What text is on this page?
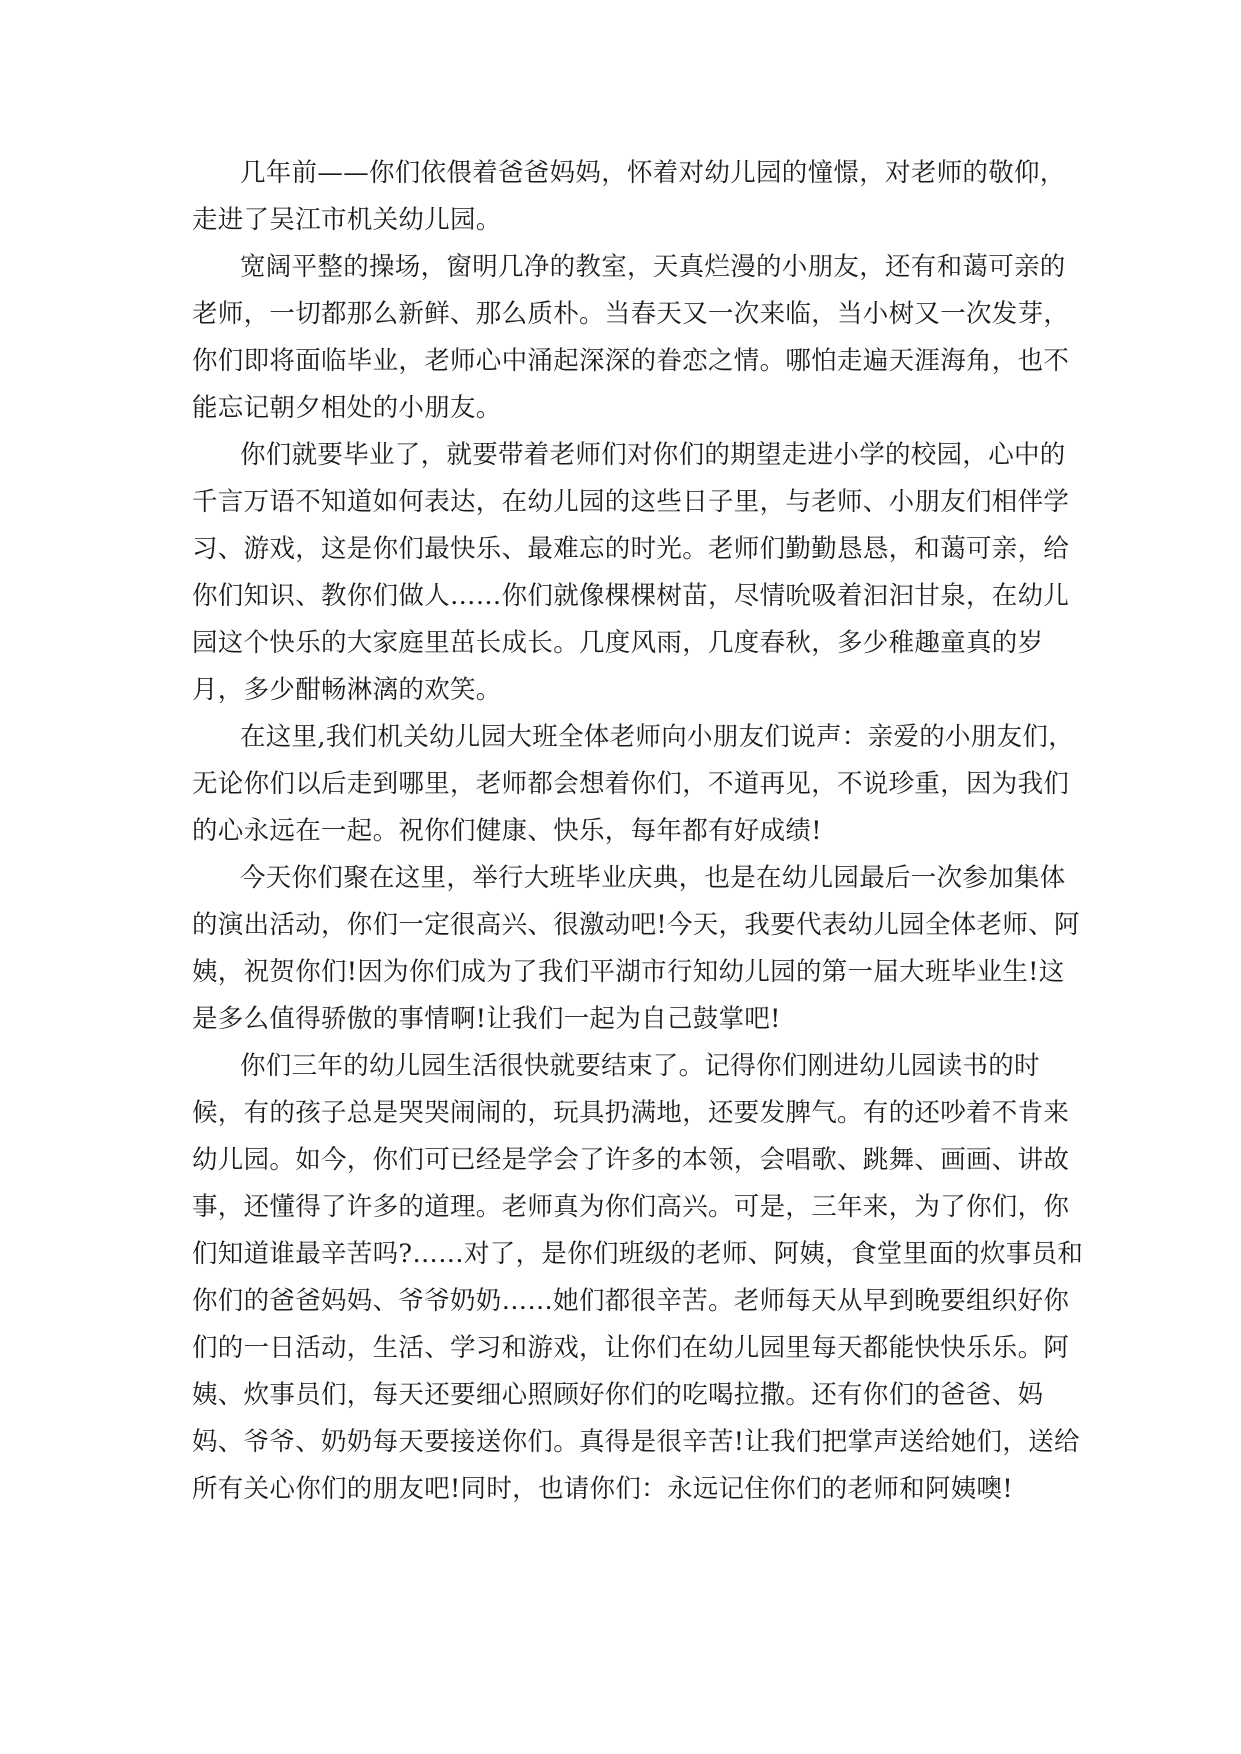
几年前——你们依偎着爸爸妈妈，怀着对幼儿园的憧憬，对老师的敬仰，
走进了吴江市机关幼儿园。
宽阔平整的操场，窗明几净的教室，天真烂漫的小朋友，还有和蔼可亲的
老师，一切都那么新鲜、那么质朴。当春天又一次来临，当小树又一次发芽，
你们即将面临毕业，老师心中涌起深深的眷恋之情。哪怕走遍天涯海角，也不
能忘记朝夕相处的小朋友。
你们就要毕业了，就要带着老师们对你们的期望走进小学的校园，心中的
千言万语不知道如何表达，在幼儿园的这些日子里，与老师、小朋友们相伴学
习、游戏，这是你们最快乐、最难忘的时光。老师们勤勤恳恳，和蔼可亲，给
你们知识、教你们做人……你们就像棵棵树苗，尽情吮吸着汩汩甘泉，在幼儿
园这个快乐的大家庭里茁长成长。几度风雨，几度春秋，多少稚趣童真的岁
月，多少酣畅淋漓的欢笑。
在这里,我们机关幼儿园大班全体老师向小朋友们说声：亲爱的小朋友们，
无论你们以后走到哪里，老师都会想着你们，不道再见，不说珍重，因为我们
的心永远在一起。祝你们健康、快乐，每年都有好成绩!
今天你们聚在这里，举行大班毕业庆典，也是在幼儿园最后一次参加集体
的演出活动，你们一定很高兴、很激动吧!今天，我要代表幼儿园全体老师、阿
姨，祝贺你们!因为你们成为了我们平湖市行知幼儿园的第一届大班毕业生!这
是多么值得骄傲的事情啊!让我们一起为自己鼓掌吧!
你们三年的幼儿园生活很快就要结束了。记得你们刚进幼儿园读书的时
候，有的孩子总是哭哭闹闹的，玩具扔满地，还要发脾气。有的还吵着不肯来
幼儿园。如今，你们可已经是学会了许多的本领，会唱歌、跳舞、画画、讲故
事，还懂得了许多的道理。老师真为你们高兴。可是，三年来，为了你们，你
们知道谁最辛苦吗?……对了，是你们班级的老师、阿姨，食堂里面的炊事员和
你们的爸爸妈妈、爷爷奶奶……她们都很辛苦。老师每天从早到晚要组织好你
们的一日活动，生活、学习和游戏，让你们在幼儿园里每天都能快快乐乐。阿
姨、炊事员们，每天还要细心照顾好你们的吃喝拉撒。还有你们的爸爸、妈
妈、爷爷、奶奶每天要接送你们。真得是很辛苦!让我们把掌声送给她们，送给
所有关心你们的朋友吧!同时，也请你们：永远记住你们的老师和阿姨噢!
